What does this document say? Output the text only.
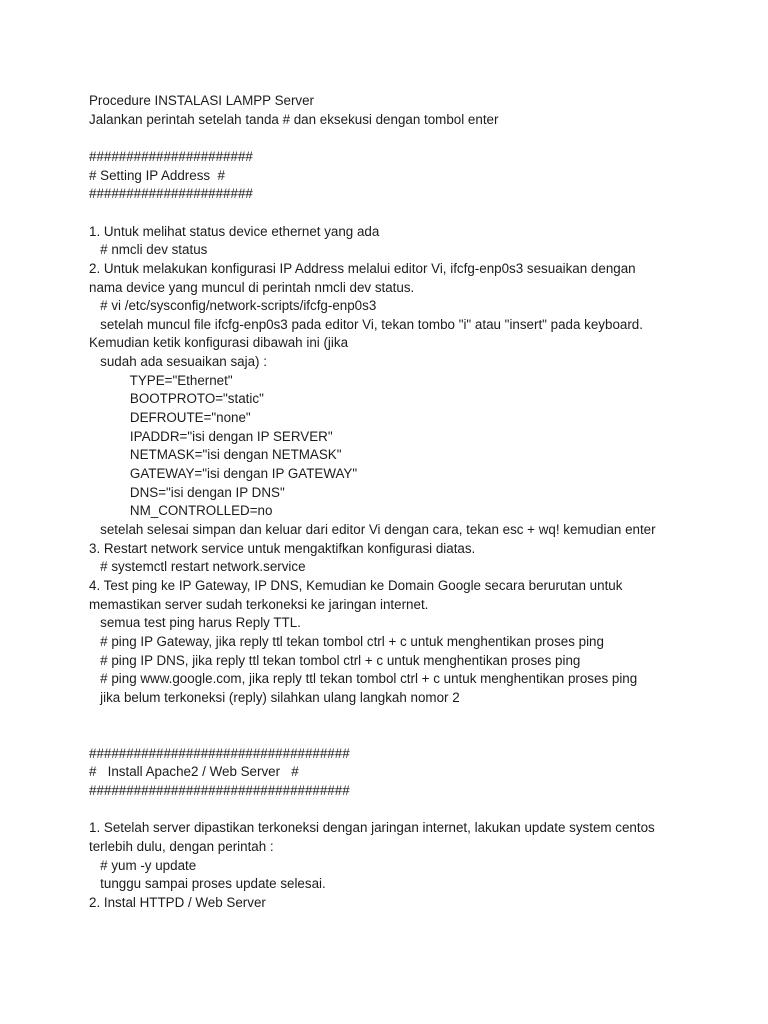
Procedure INSTALASI LAMPP Server
Jalankan perintah setelah tanda # dan eksekusi dengan tombol enter
######################
# Setting IP Address  #
######################
1. Untuk melihat status device ethernet yang ada
# nmcli dev status
2. Untuk melakukan konfigurasi IP Address melalui editor Vi, ifcfg-enp0s3 sesuaikan dengan
nama device yang muncul di perintah nmcli dev status.
# vi /etc/sysconfig/network-scripts/ifcfg-enp0s3
setelah muncul file ifcfg-enp0s3 pada editor Vi, tekan tombo "i" atau "insert" pada keyboard.
Kemudian ketik konfigurasi dibawah ini (jika
sudah ada sesuaikan saja) :
TYPE="Ethernet"
BOOTPROTO="static"
DEFROUTE="none"
IPADDR="isi dengan IP SERVER"
NETMASK="isi dengan NETMASK"
GATEWAY="isi dengan IP GATEWAY"
DNS="isi dengan IP DNS"
NM_CONTROLLED=no
setelah selesai simpan dan keluar dari editor Vi dengan cara, tekan esc + wq! kemudian enter
3. Restart network service untuk mengaktifkan konfigurasi diatas.
# systemctl restart network.service
4. Test ping ke IP Gateway, IP DNS, Kemudian ke Domain Google secara berurutan untuk
memastikan server sudah terkoneksi ke jaringan internet.
semua test ping harus Reply TTL.
# ping IP Gateway, jika reply ttl tekan tombol ctrl + c untuk menghentikan proses ping
# ping IP DNS, jika reply ttl tekan tombol ctrl + c untuk menghentikan proses ping
# ping www.google.com, jika reply ttl tekan tombol ctrl + c untuk menghentikan proses ping
jika belum terkoneksi (reply) silahkan ulang langkah nomor 2
###################################
#   Install Apache2 / Web Server   #
###################################
1. Setelah server dipastikan terkoneksi dengan jaringan internet, lakukan update system centos
terlebih dulu, dengan perintah :
# yum -y update
tunggu sampai proses update selesai.
2. Instal HTTPD / Web Server
